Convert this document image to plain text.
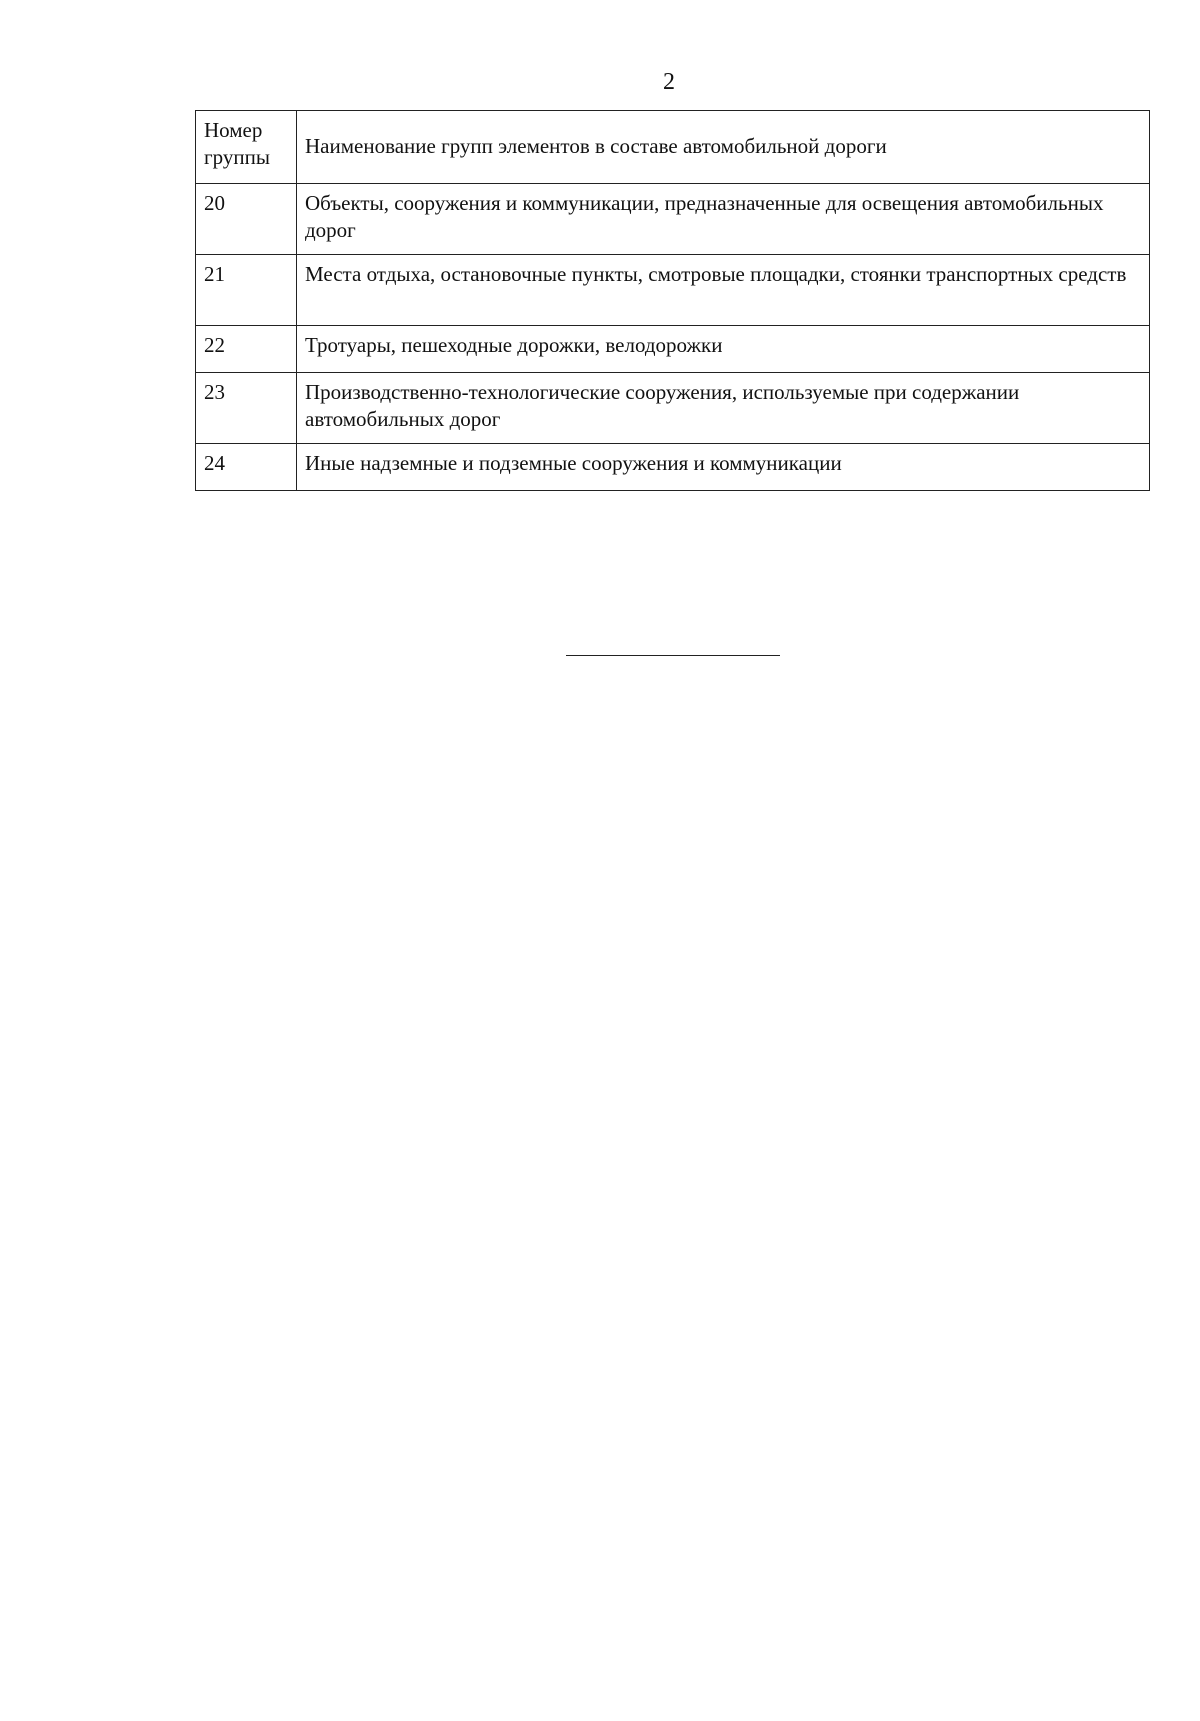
2
Номер группы	Наименование групп элементов в составе автомобильной дороги
20	Объекты, сооружения и коммуникации, предназначенные для освещения автомобильных дорог
21	Места отдыха, остановочные пункты, смотровые площадки, стоянки транспортных средств
22	Тротуары, пешеходные дорожки, велодорожки
23	Производственно-технологические сооружения, используемые при содержании автомобильных дорог
24	Иные надземные и подземные сооружения и коммуникации
